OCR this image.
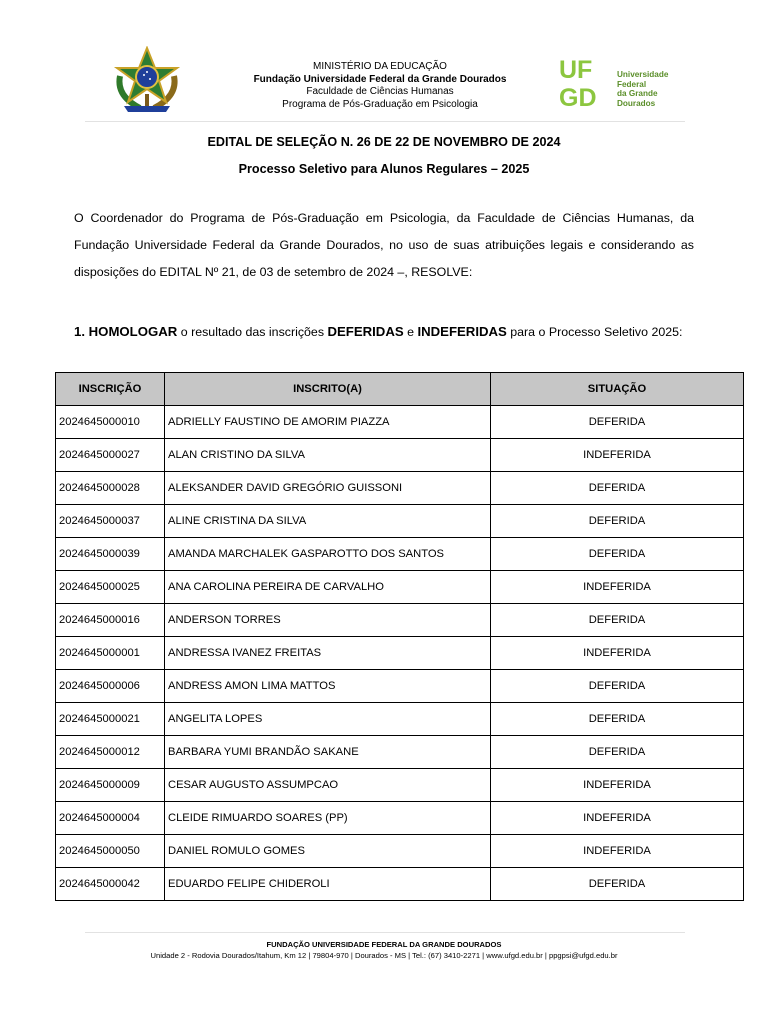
MINISTÉRIO DA EDUCAÇÃO
Fundação Universidade Federal da Grande Dourados
Faculdade de Ciências Humanas
Programa de Pós-Graduação em Psicologia
UF
GD
Universidade
Federal
da Grande
Dourados
EDITAL DE SELEÇÃO N. 26 DE 22 DE NOVEMBRO DE 2024
Processo Seletivo para Alunos Regulares – 2025
O Coordenador do Programa de Pós-Graduação em Psicologia, da Faculdade de Ciências Humanas, da Fundação Universidade Federal da Grande Dourados, no uso de suas atribuições legais e considerando as disposições do EDITAL Nº 21, de 03 de setembro de 2024 –, RESOLVE:
1. HOMOLOGAR o resultado das inscrições DEFERIDAS e INDEFERIDAS para o Processo Seletivo 2025:
INSCRIÇÃO	INSCRITO(A)	SITUAÇÃO
2024645000010	ADRIELLY FAUSTINO DE AMORIM PIAZZA	DEFERIDA
2024645000027	ALAN CRISTINO DA SILVA	INDEFERIDA
2024645000028	ALEKSANDER DAVID GREGÓRIO GUISSONI	DEFERIDA
2024645000037	ALINE CRISTINA DA SILVA	DEFERIDA
2024645000039	AMANDA MARCHALEK GASPAROTTO DOS SANTOS	DEFERIDA
2024645000025	ANA CAROLINA PEREIRA DE CARVALHO	INDEFERIDA
2024645000016	ANDERSON TORRES	DEFERIDA
2024645000001	ANDRESSA IVANEZ FREITAS	INDEFERIDA
2024645000006	ANDRESS AMON LIMA MATTOS	DEFERIDA
2024645000021	ANGELITA LOPES	DEFERIDA
2024645000012	BARBARA YUMI BRANDÃO SAKANE	DEFERIDA
2024645000009	CESAR AUGUSTO ASSUMPCAO	INDEFERIDA
2024645000004	CLEIDE RIMUARDO SOARES (PP)	INDEFERIDA
2024645000050	DANIEL ROMULO GOMES	INDEFERIDA
2024645000042	EDUARDO FELIPE CHIDEROLI	DEFERIDA
FUNDAÇÃO UNIVERSIDADE FEDERAL DA GRANDE DOURADOS
Unidade 2 - Rodovia Dourados/Itahum, Km 12 | 79804-970 | Dourados - MS | Tel.: (67) 3410-2271 | www.ufgd.edu.br | ppgpsi@ufgd.edu.br
